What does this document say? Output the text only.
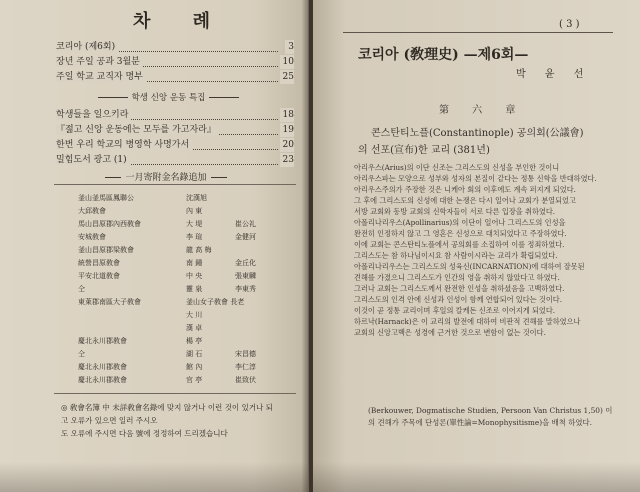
차 례
코리아 (제6회)	3
장년 주일 공과 3월분	10
주일 학교 교직자 명부	25
학생 신앙 운동 특집
학생들을 일으키라	18
『젊고 신앙 운동에는 모두를 가고자라』	19
한번 우리 학교의 병영학 사명가서	20
밀힘도서 광고 (1)	23
一月寄附金名錄追加
釜山釜馬區鳳聯公	沈漢旭
大邱敎會	內 東
馬山昌原郡內西敎會	大 堤	崔公礼
安城敎會	李 瑄	金健河
釜山昌原郡梁敎會	龍 高 梅
統營昌原敎會	南 鍾	金丘化
平安北道敎會	中 央	張東麟
仝	靈 泉	李東秀
東萊郡南區大子敎會	釜山女子敎會 長老
大 川
漢 卓
慶北永川郡敎會	楊 亭
仝	湖 石	宋昌德
慶北永川郡敎會	館 內	李仁淳
慶北永川郡敎會	官 亭	崔致伏
◎ 敎會名簿 中 未詳敎會名錄에 맞지 않거나 이런 것이 있거나 되
고 오류가 있으면 일러 주시오
도 오류에 주시면 다음 號에 정정하여 드리겠습니다
( 3 )
코리아 (敎理史) —제6회—
박 윤 선
第 六 章
콘스탄티노플(Constantinople) 공의회(公議會)
의 선포(宣布)한 교리 (381년)

아리우스(Arius)의 이단 신조는 그리스도의 신성을 부인한 것이니

아리우스파는 모양으로 성부와 성자의 본질이 같다는 정통 신학을 반대하였다.

아리우스주의가 주장한 것은 니케아 회의 이후에도 계속 퍼지게 되었다.

그 후에 그리스도의 신성에 대한 논쟁은 다시 일어나 교회가 분열되었고

서방 교회와 동방 교회의 신학자들이 서로 다른 입장을 취하였다.

아폴리나리우스(Apollinarius)의 이단이 일어나 그리스도의 인성을

완전히 인정하지 않고 그 영혼은 신성으로 대치되었다고 주장하였다.

이에 교회는 콘스탄티노플에서 공의회를 소집하여 이를 정죄하였다.

그리스도는 참 하나님이시요 참 사람이시라는 교리가 확립되었다.

아폴리나리우스는 그리스도의 성육신(INCARNATION)에 대하여 잘못된

견해를 가졌으니 그리스도가 인간의 영을 취하지 않았다고 하였다.

그러나 교회는 그리스도께서 완전한 인성을 취하셨음을 고백하였다.

그리스도의 인격 안에 신성과 인성이 함께 연합되어 있다는 것이다.

이것이 곧 정통 교리이며 후일의 칼케돈 신조로 이어지게 되었다.

하르낙(Harnack)은 이 교리의 발전에 대하여 비판적 견해를 말하였으나

교회의 신앙고백은 성경에 근거한 것으로 변함이 없는 것이다.

(Berkouwer, Dogmatische Studien, Persoon Van Christus 1,50) 이
의 견해가 주목에 단성론(單性論=Monophysitisme)을 배척 하였다.
